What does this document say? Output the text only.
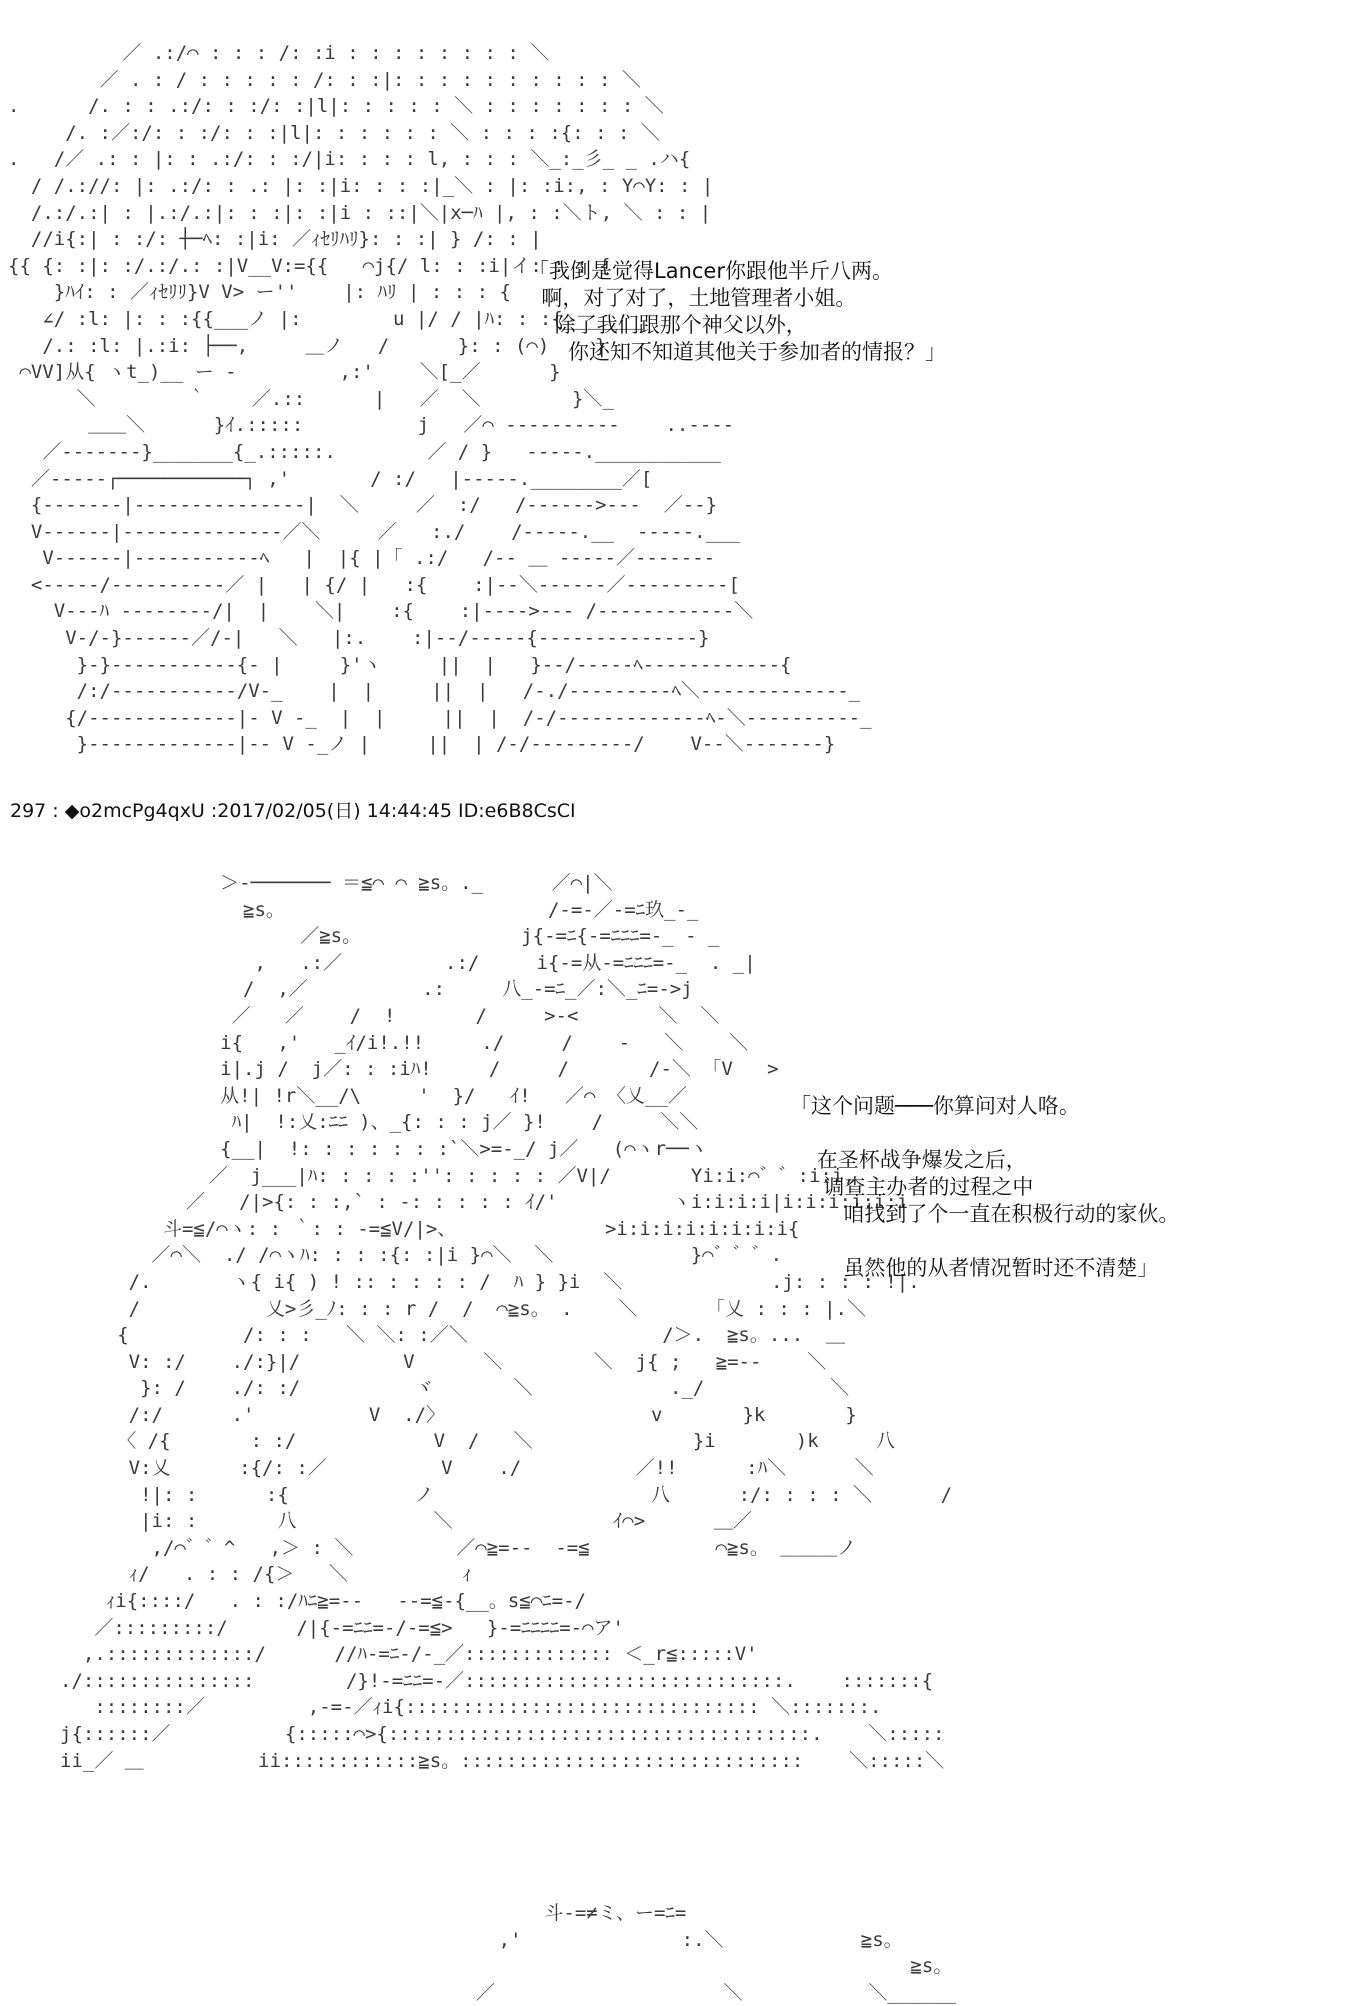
／ .:/⌒ : : : /: :i : : : : : : : : ＼
／ . : / : : : : : /: : :|: : : : : : : : : : ＼
.      /. : : .:/: : :/: :|l|: : : : : ＼ : : : : : : : ＼
/. :／:/: : :/: : :|l|: : : : : : ＼ : : : :{: : : ＼
.   /／ .: : |: : .:/: : :/|i: : : : l, : : : ＼_:_彡_ _ .ハ{
/ /.://: |: .:/: : .: |: :|i: : : :|_＼ : |: :i:, : Y⌒Y: : |
/.:/.:| : |.:/.:|: : :|: :|i : ::|＼|x─ﾊ |, : :＼ト, ＼ : : |
//i{:| : :/: ┼─ﾍ: :|i: ／ｨｾﾘﾊﾘ}: : :| } /: : |
{{ {: :|: :/.:/.: :|V__V:={{   ⌒j{/ l: : :i|イ: : : {
}ﾊｲ: : ／ｨｾﾘﾘ}V V> ー''    |: ﾊﾘ | : : : {
∠/ :l: |: : :{{___ノ |:        u |/ / |ﾊ: : :{_______
/.: :l: |.:i: ├──,     ＿ノ   /      }: : (⌒)    }
⌒VV]从{ ヽt_)__ ー ‐         ,:'    ＼[_／      }
＼        ｀    ／.::      |   ／  ＼        }＼_
＿＿＼      }ｲ.:::::          j   ／⌒ ‐---------    ..----
／-------}_______{_.:::::.        ／ / }   -----.___________
／-----┌───────────┐ ,'       / :/   |-----.________／[
{-------|---------------|  ＼     ／  :/   /------>---  ／--}
V------|--------------／＼     ／   :./    /-----.__  -----.___
V------|-----------ﾍ   |  |{ |「 .:/   /-- ＿ -----／-------
<-----/----------／ |   | {/ |   :{    :|--＼------／---------[
V---ﾊ --------/|  |    ＼|    :{    :|---->--- /------------＼
V-/-}------／/-|   ＼   |:.    :|--/-----{--------------}
}-}-----------{- |     }'ヽ     ||  |   }--/-----ﾍ------------{
/:/-----------/V-_    |  |     ||  |   /-./---------ﾍ＼-------------_
{/-------------|- V -_  |  |     ||  |  /-/-------------ﾍ-＼----------_
}-------------|-- V -_ノ |     ||  | /-/---------/    V--＼-------}
「我倒是觉得Lancer你跟他半斤八两。
啊，对了对了，土地管理者小姐。
除了我们跟那个神父以外，
你还知不知道其他关于参加者的情报？」
297 : ◆o2mcPg4qxU :2017/02/05(日) 14:44:45 ID:e6B8CsCI
＞‐─────── ＝≦⌒ ⌒ ≧s。._      ／⌒|＼
≧s。                       /-=-／-=ﾆ玖_-_
／≧s。              j{-=ﾆ{-=ﾆﾆﾆ=-_ - _
,   .:／         .:/     i{-=从-=ﾆﾆﾆ=-_  . _|
/  ,／          .:     八_-=ﾆ_／:＼_ﾆ=->j
／   ／    /  !       /     >-<       ＼  ＼
i{   ,'   _ｲ/i!.!!     ./     /    -   ＼    ＼
i|.j /  j／: : :iﾊ!     /     /       /-＼ 「V   >
从!| !r＼__/\     '  }/   ｲ!   ／⌒ 〈乂__／
ﾊ|  !:乂:ﾆﾆ )、_{: : : j／ }!    /     ＼＼
{__|  !: : : : : : :`＼>=-_/ j／   (⌒ヽr──ヽ
／  j___|ﾊ: : : : :'': : : : : ／V|/       Yi:i:⌒゛゛:i:i,
／   /|>{: : :,` : -: : : : : ｲ/'          ヽi:i:i:i|i:i:i:i:i:i
斗=≦/⌒ヽ: : ｀: : -=≦V/|>、             >i:i:i:i:i:i:i:i{
／⌒＼  ./ /⌒ヽﾊ: : : :{: :|i }⌒＼  ＼            }⌒゛゛゛.
/.       ヽ{ i{ ) ! :: : : : : /  ﾊ } }i  ＼             .j: : : : !|.
/           乂>彡_ﾉ: : : r /  /  ⌒≧s。 .    ＼      「乂 : : : |.＼
{          /: : :   ＼ ＼: :／＼                 /＞.  ≧s。...  ＿
V: :/    ./:}|/         V      ＼        ＼  j{ ;   ≧=--    ＼
}: /    ./: :/          ヾ       ＼            ._/           ＼
/:/      .'          V  ./〉                  v       }k       }
〈 /{       : :/            V  /   ＼              }i       )k     八
V:乂      :{/: :／          V    ./          ／!!      :ﾊ＼      ＼
!|: :      :{           ノ                   八      :/: : : : ＼      /
|i: :       八            ＼              ｲ⌒>      ＿／
,/⌒゛゛^   ,＞ : ＼         ／⌒≧=--  -=≦           ⌒≧s。 ＿＿＿ノ
ｨ/   . : : /{＞   ＼          ｨ
ｨi{::::/   . : :/ﾊﾆ≧=--   --=≦-{__。s≦⌒ﾆ=-/
／:::::::::/      /|{-=ﾆﾆ=-/-=≦>   }-=ﾆﾆﾆﾆ=-⌒ア'
,.:::::::::::::/      //ﾊ-=ﾆ-/-_／::::::::::::: ＜_r≦:::::V'
./:::::::::::::::        /}!-=ﾆﾆ=-／::::::::::::::::::::::::::::.    :::::::{
::::::::／         ,-=-／ｨi{::::::::::::::::::::::::::::::: ＼:::::::.
j{::::::／          {:::::⌒>{:::::::::::::::::::::::::::::::::::::.    ＼:::::
ii_／ ＿          ii::::::::::::≧s。::::::::::::::::::::::::::::::    ＼:::::＼
「这个问题───你算问对人咯。

在圣杯战争爆发之后，
调查主办者的过程之中
咱找到了个一直在积极行动的家伙。

虽然他的从者情况暂时还不清楚」
斗-=≠ミ、ー=ﾆ=
,'              :.＼            ≧s。
≧s。
／                    ＼           ＼______
